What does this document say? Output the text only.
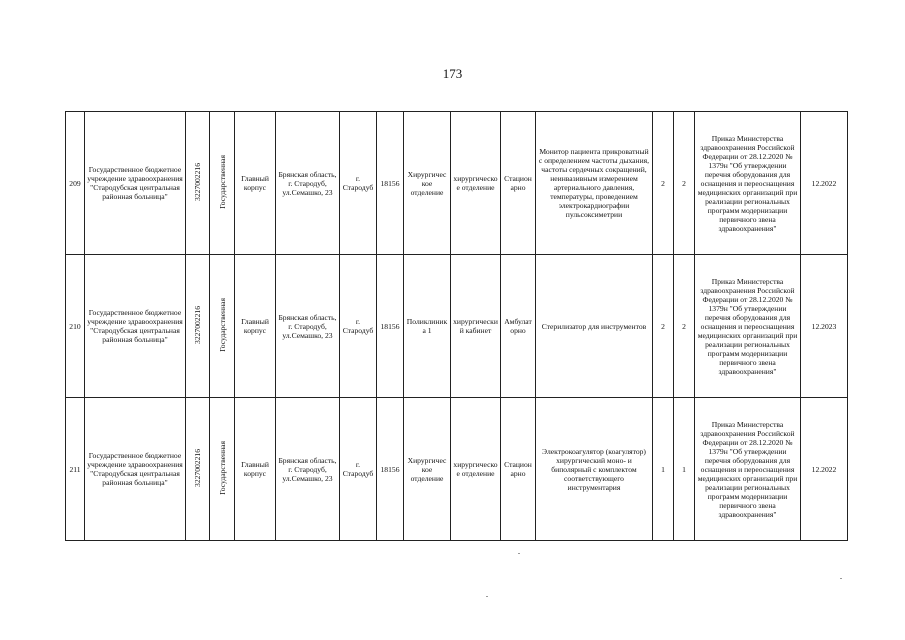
173
209	Государственное бюджетное учреждение здравоохранения "Стародубская центральная районная больница"	3227002216	Государственная	Главный корпус	Брянская область, г. Стародуб, ул.Семашко, 23	г. Стародуб	18156	Хирургическое отделение	хирургическое отделение	Стационарно	Монитор пациента прикроватный с определением частоты дыхания, частоты сердечных сокращений, неинвазивным измерением артериального давления, температуры, проведением электрокардиографии пульсоксиметрии	2	2	Приказ Министерства здравоохранения Российской Федерации от 28.12.2020 № 1379н "Об утверждении перечня оборудования для оснащения и переоснащения медицинских организаций при реализации региональных программ модернизации первичного звена здравоохранения"	12.2022
210	Государственное бюджетное учреждение здравоохранения "Стародубская центральная районная больница"	3227002216	Государственная	Главный корпус	Брянская область, г. Стародуб, ул.Семашко, 23	г. Стародуб	18156	Поликлиника 1	хирургический кабинет	Амбулаторно	Стерилизатор для инструментов	2	2	Приказ Министерства здравоохранения Российской Федерации от 28.12.2020 № 1379н "Об утверждении перечня оборудования для оснащения и переоснащения медицинских организаций при реализации региональных программ модернизации первичного звена здравоохранения"	12.2023
211	Государственное бюджетное учреждение здравоохранения "Стародубская центральная районная больница"	3227002216	Государственная	Главный корпус	Брянская область, г. Стародуб, ул.Семашко, 23	г. Стародуб	18156	Хирургическое отделение	хирургическое отделение	Стационарно	Электрокоагулятор (коагулятор) хирургический моно- и биполярный с комплектом соответствующего инструментария	1	1	Приказ Министерства здравоохранения Российской Федерации от 28.12.2020 № 1379н "Об утверждении перечня оборудования для оснащения и переоснащения медицинских организаций при реализации региональных программ модернизации первичного звена здравоохранения"	12.2022
